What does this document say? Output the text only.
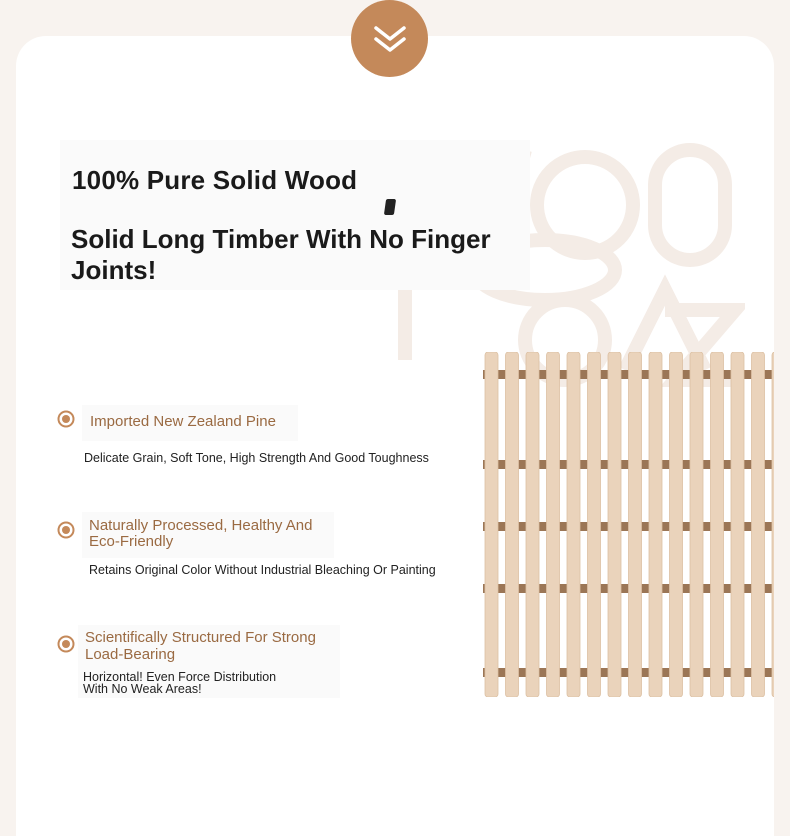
100% Pure Solid Wood
Solid Long Timber With No Finger Joints!

Imported New Zealand Pine

Delicate Grain, Soft Tone, High Strength And Good Toughness

Naturally Processed, Healthy And

Eco-Friendly

Retains Original Color Without Industrial Bleaching Or Painting

Scientifically Structured For Strong

Load-Bearing

Horizontal! Even Force Distribution

With No Weak Areas!
